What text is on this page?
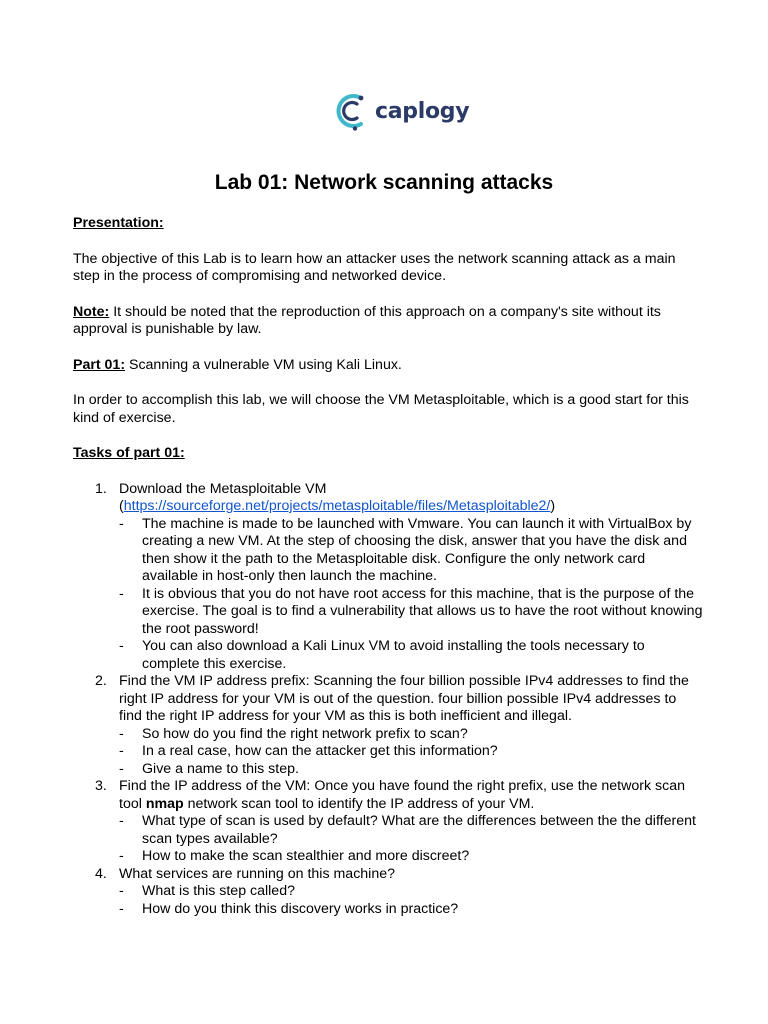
caplogy
Lab 01: Network scanning attacks

Presentation:

The objective of this Lab is to learn how an attacker uses the network scanning attack as a main step in the process of compromising and networked device.

Note: It should be noted that the reproduction of this approach on a company's site without its approval is punishable by law.

Part 01: Scanning a vulnerable VM using Kali Linux.

In order to accomplish this lab, we will choose the VM Metasploitable, which is a good start for this kind of exercise.

Tasks of part 01:
1. Download the Metasploitable VM
(https://sourceforge.net/projects/metasploitable/files/Metasploitable2/)
- The machine is made to be launched with Vmware. You can launch it with VirtualBox by creating a new VM. At the step of choosing the disk, answer that you have the disk and then show it the path to the Metasploitable disk. Configure the only network card available in host-only then launch the machine.
- It is obvious that you do not have root access for this machine, that is the purpose of the exercise. The goal is to find a vulnerability that allows us to have the root without knowing the root password!
- You can also download a Kali Linux VM to avoid installing the tools necessary to complete this exercise.
2. Find the VM IP address prefix: Scanning the four billion possible IPv4 addresses to find the right IP address for your VM is out of the question. four billion possible IPv4 addresses to find the right IP address for your VM as this is both inefficient and illegal.
- So how do you find the right network prefix to scan?
- In a real case, how can the attacker get this information?
- Give a name to this step.
3. Find the IP address of the VM: Once you have found the right prefix, use the network scan tool nmap network scan tool to identify the IP address of your VM.
- What type of scan is used by default? What are the differences between the the different scan types available?
- How to make the scan stealthier and more discreet?
4. What services are running on this machine?
- What is this step called?
- How do you think this discovery works in practice?
